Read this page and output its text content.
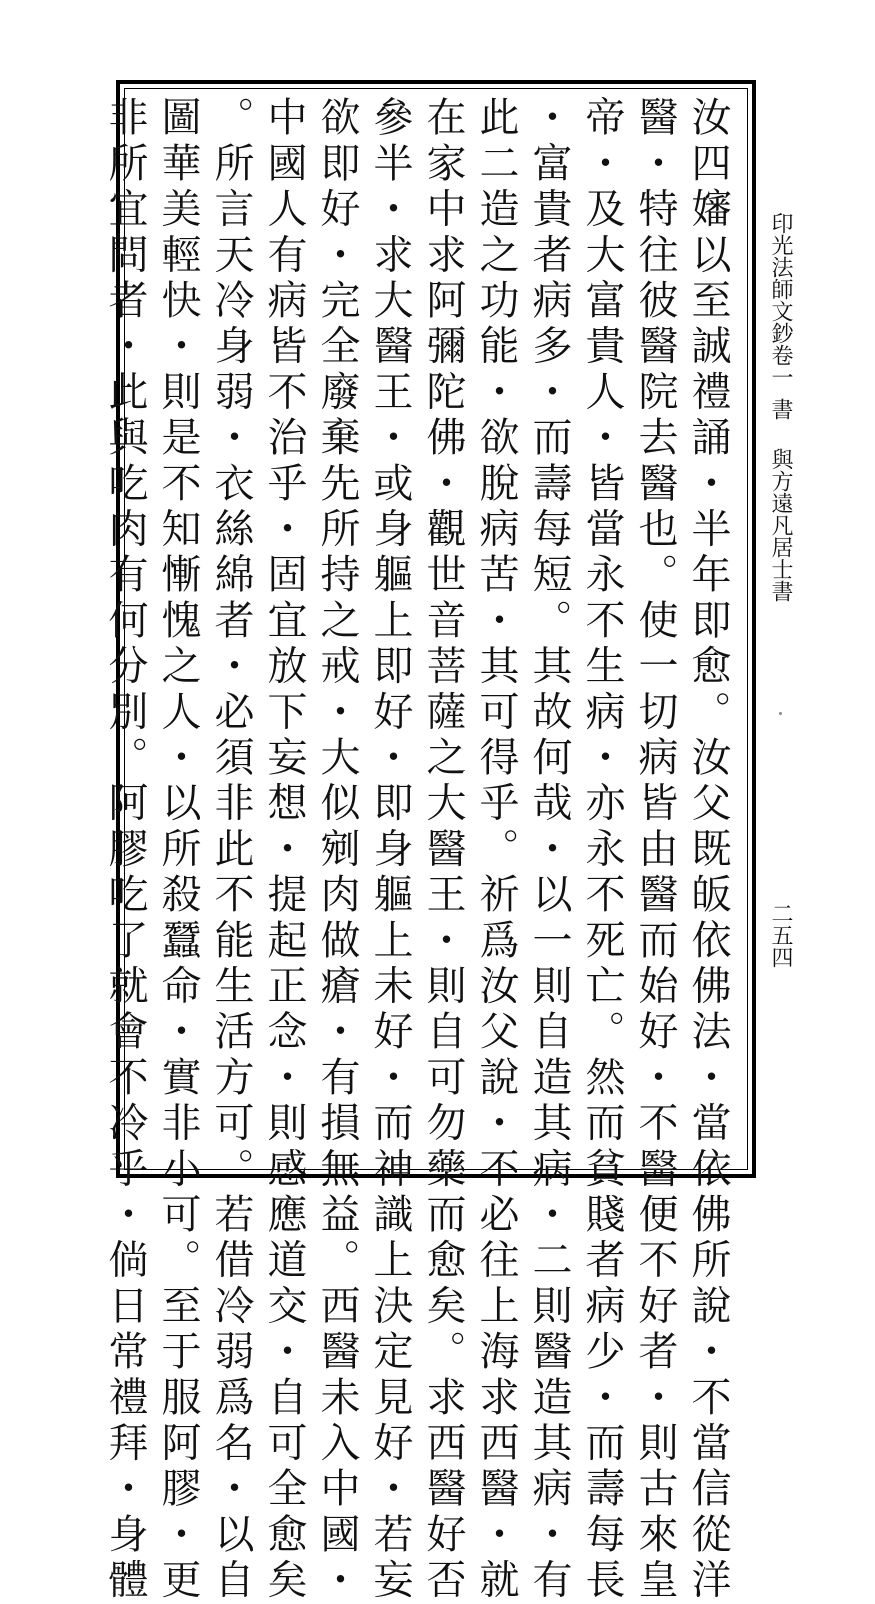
汝四嬸以至誠禮誦・半年即愈。汝父既皈依佛法・當依佛所說・不當信從洋
醫・特往彼醫院去醫也。使一切病皆由醫而始好・不醫便不好者・則古來皇
帝・及大富貴人・皆當永不生病・亦永不死亡。然而貧賤者病少・而壽每長
・富貴者病多・而壽每短。其故何哉・以一則自造其病・二則醫造其病・有
此二造之功能・欲脫病苦・其可得乎。祈爲汝父說・不必往上海求西醫・就
在家中求阿彌陀佛・觀世音菩薩之大醫王・則自可勿藥而愈矣。求西醫好否
參半・求大醫王・或身軀上即好・即身軀上未好・而神識上決定見好・若妄
欲即好・完全廢棄先所持之戒・大似剜肉做瘡・有損無益。西醫未入中國・
中國人有病皆不治乎・固宜放下妄想・提起正念・則感應道交・自可全愈矣
。所言天冷身弱・衣絲綿者・必須非此不能生活方可。若借冷弱爲名・以自
圖華美輕快・則是不知慚愧之人・以所殺蠶命・實非小可。至于服阿膠・更
非所宜問者・此與吃肉有何分別。阿膠吃了就會不冷乎・倘日常禮拜・身體	印光法師文鈔卷一
書
與方遠凡居士書
二五四
